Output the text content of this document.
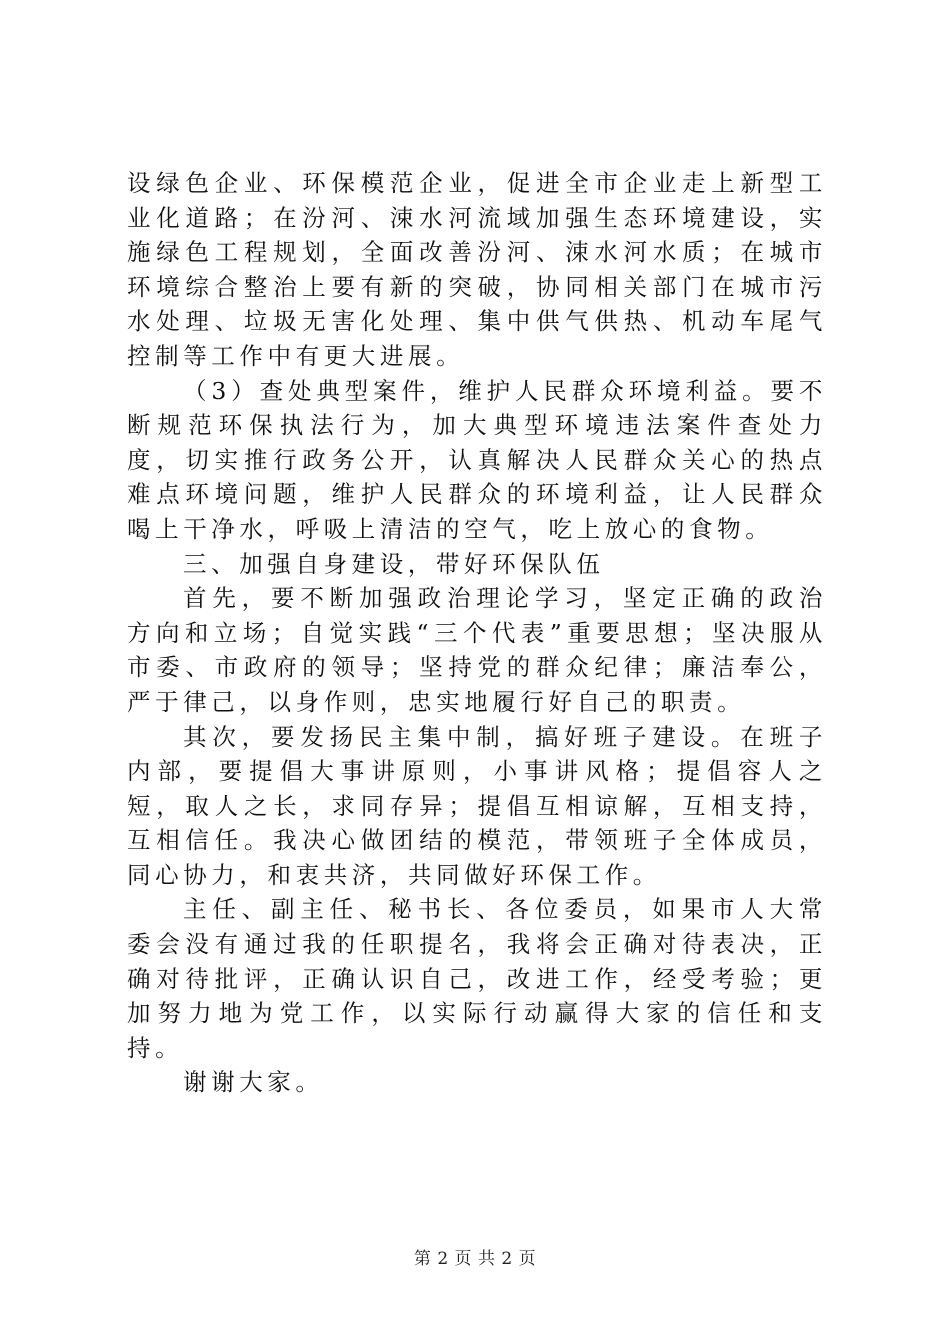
设绿色企业、环保模范企业，促进全市企业走上新型工业化道路；在汾河、涑水河流域加强生态环境建设，实施绿色工程规划，全面改善汾河、涑水河水质；在城市环境综合整治上要有新的突破，协同相关部门在城市污水处理、垃圾无害化处理、集中供气供热、机动车尾气控制等工作中有更大进展。

（3）查处典型案件，维护人民群众环境利益。要不断规范环保执法行为，加大典型环境违法案件查处力度，切实推行政务公开，认真解决人民群众关心的热点难点环境问题，维护人民群众的环境利益，让人民群众喝上干净水，呼吸上清洁的空气，吃上放心的食物。

三、加强自身建设，带好环保队伍

首先，要不断加强政治理论学习，坚定正确的政治方向和立场；自觉实践“三个代表”重要思想；坚决服从市委、市政府的领导；坚持党的群众纪律；廉洁奉公，严于律己，以身作则，忠实地履行好自己的职责。

其次，要发扬民主集中制，搞好班子建设。在班子内部，要提倡大事讲原则，小事讲风格；提倡容人之短，取人之长，求同存异；提倡互相谅解，互相支持，互相信任。我决心做团结的模范，带领班子全体成员，同心协力，和衷共济，共同做好环保工作。

主任、副主任、秘书长、各位委员，如果市人大常委会没有通过我的任职提名，我将会正确对待表决，正确对待批评，正确认识自己，改进工作，经受考验；更加努力地为党工作，以实际行动赢得大家的信任和支持。

谢谢大家。

第 2 页 共 2 页
